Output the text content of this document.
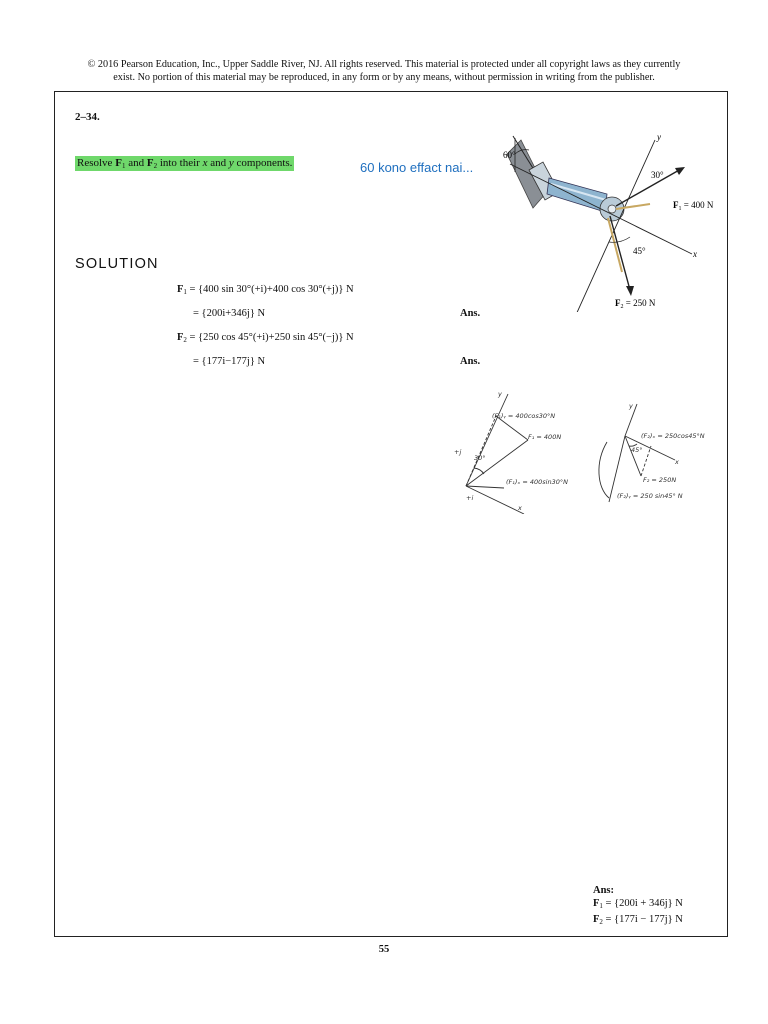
© 2016 Pearson Education, Inc., Upper Saddle River, NJ. All rights reserved. This material is protected under all copyright laws as they currently
exist. No portion of this material may be reproduced, in any form or by any means, without permission in writing from the publisher.
2–34.
Resolve $F_1$ and $F_2$ into their x and y components.	60 kono effact nai...
60°
y
x
30°
$F_1 = 400$ N
45°
$F_2 = 250$ N
SOLUTION
$F_1 = \{400$ sin 30°(+i)+400 cos 30°(+j)} N
= {200i+346j} N	Ans.
$F_2 = \{250$ cos 45°(+i)+250 sin 45°(−j)} N
= {177i−177j} N	Ans.
y
(F₁)ᵧ = 400cos30°N
F₁ = 400N
30°
(F₁)ₓ = 400sin30°N
x
+j
+i
y
(F₂)ₓ = 250cos45°N
45°
x
F₂ = 250N
(F₂)ᵧ = 250 sin45° N
Ans:
$F_1 = \{200i + 346j\}$ N
$F_2 = \{177i - 177j\}$ N
55
